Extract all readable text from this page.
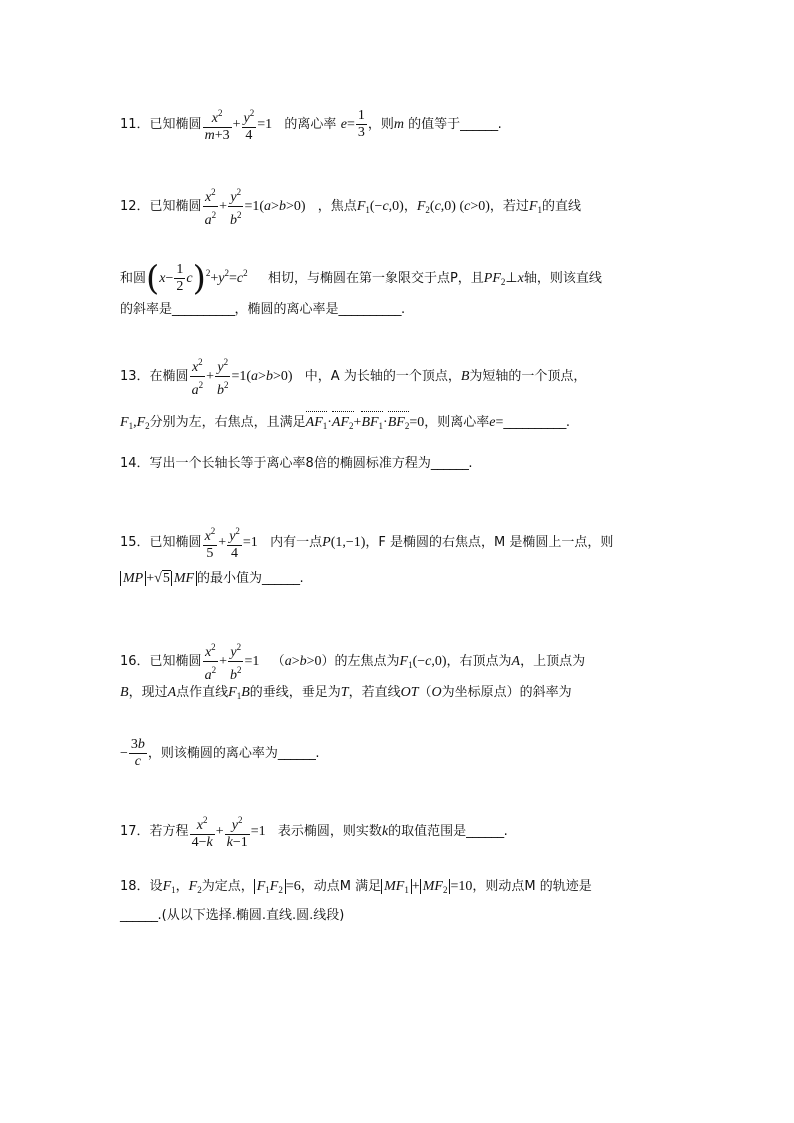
11．已知椭圆 $\frac{x^2}{m+3} + \frac{y^2}{4} =1$ 的离心率 $e= \frac{1}{3}$ ，则m 的值等于______.
12．已知椭圆 $\frac{x^2}{a^2} + \frac{y^2}{b^2} =1(a>b>0)$ ，焦点$F_1(-c,0)$，$F_2(c,0)$ (c>0)，若过$F_1$的直线
和圆$(x- \frac{1}{2} c)^2+y^2=c^2$ 相切，与椭圆在第一象限交于点P，且$PF_2\perp x$轴，则该直线
的斜率是__________，椭圆的离心率是__________.
13．在椭圆 $\frac{x^2}{a^2} + \frac{y^2}{b^2} =1(a>b>0)$ 中，A 为长轴的一个顶点，B为短轴的一个顶点，
$F_1,F_2$分别为左，右焦点，且满足$AF_1\cdot AF_2+BF_1\cdot BF_2=0$，则离心率e=__________.
14．写出一个长轴长等于离心率8倍的椭圆标准方程为______.
15．已知椭圆 $\frac{x^2}{5} + \frac{y^2}{4} =1$ 内有一点P(1,−1)，F 是椭圆的右焦点，M 是椭圆上一点，则
MP +√5 MF 的最小值为______.
16．已知椭圆 $\frac{x^2}{a^2} + \frac{y^2}{b^2} =1$ （a>b>0）的左焦点为$F_1(-c,0)$，右顶点为A，上顶点为
B，现过A点作直线$F_1B$的垂线，垂足为T，若直线OT（O为坐标原点）的斜率为
− $\frac{3b}{c}$ ，则该椭圆的离心率为______.
17．若方程 $\frac{x^2}{4-k} + \frac{y^2}{k-1} =1$ 表示椭圆，则实数k的取值范围是______.
18．设$F_1$，$F_2$为定点， $F_1F_2 =6$，动点M 满足 $MF_1 + MF_2 =10$，则动点M 的轨迹是
______.(从以下选择.椭圆.直线.圆.线段)
